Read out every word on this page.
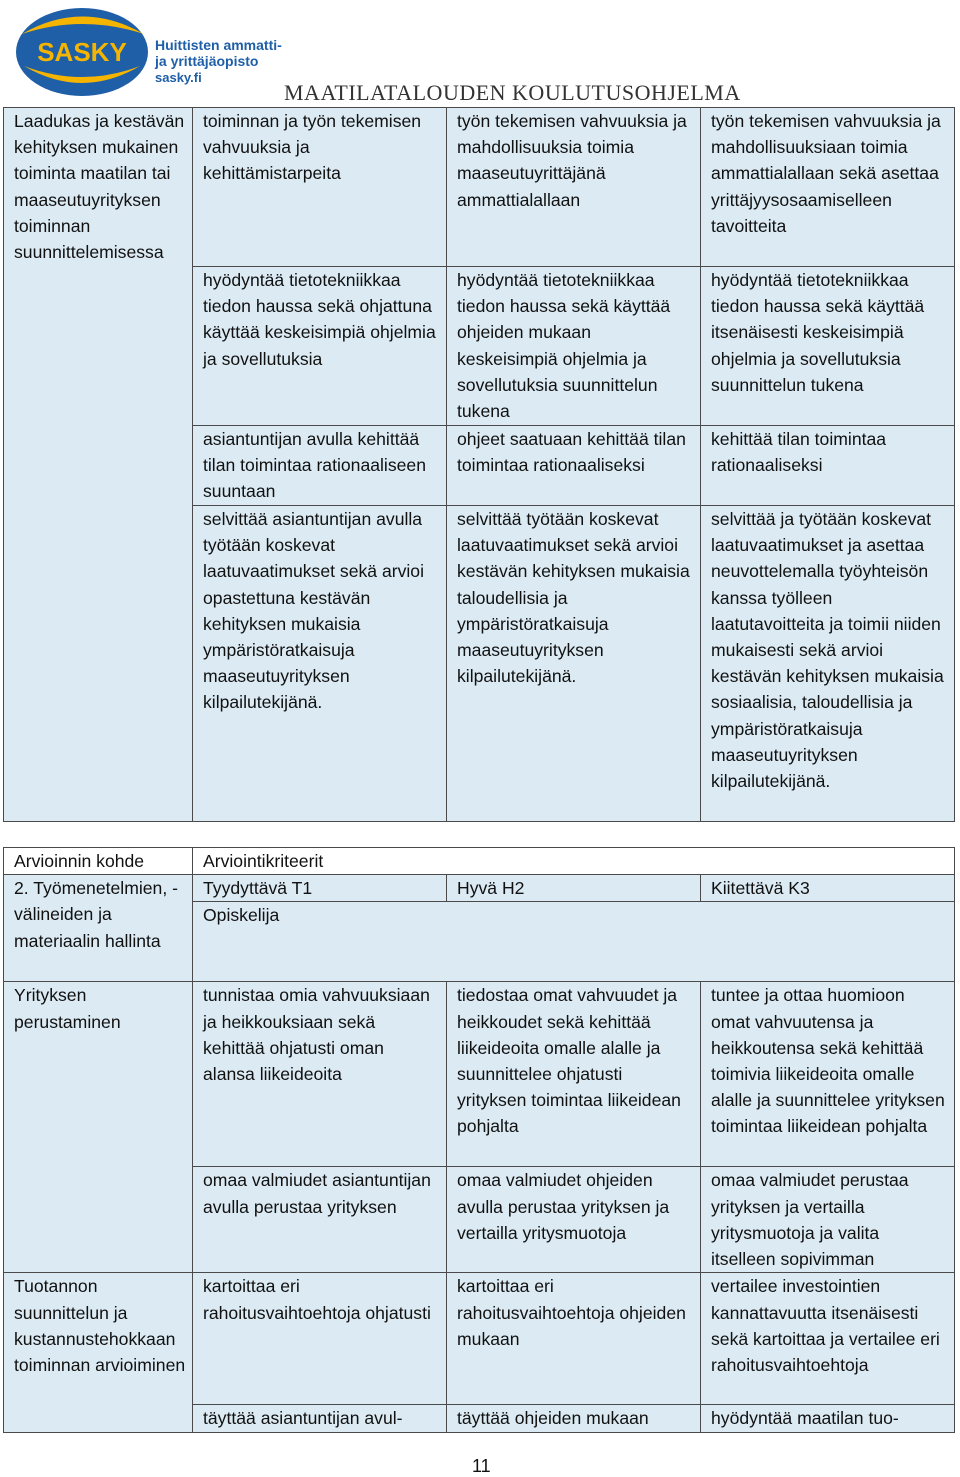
SASKY Huittisten ammatti-
ja yrittäjäopisto
sasky.fi
MAATILATALOUDEN KOULUTUSOHJELMA
Laadukas ja kestävän kehityksen mukainen toiminta maatilan tai maaseutuyrityksen toiminnan suunnittelemisessa	toiminnan ja työn tekemisen vahvuuksia ja kehittämistarpeita	työn tekemisen vahvuuksia ja mahdollisuuksia toimia maaseutuyrittäjänä ammattialallaan	työn tekemisen vahvuuksia ja mahdollisuuksiaan toimia ammattialallaan sekä asettaa yrittäjyysosaamiselleen tavoitteita
	hyödyntää tietotekniikkaa tiedon haussa sekä ohjattuna käyttää keskeisimpiä ohjelmia ja sovellutuksia	hyödyntää tietotekniikkaa tiedon haussa sekä käyttää ohjeiden mukaan keskeisimpiä ohjelmia ja sovellutuksia suunnittelun tukena	hyödyntää tietotekniikkaa tiedon haussa sekä käyttää itsenäisesti keskeisimpiä ohjelmia ja sovellutuksia suunnittelun tukena
	asiantuntijan avulla kehittää tilan toimintaa rationaaliseen suuntaan	ohjeet saatuaan kehittää tilan toimintaa rationaaliseksi	kehittää tilan toimintaa rationaaliseksi
	selvittää asiantuntijan avulla työtään koskevat laatuvaatimukset sekä arvioi opastettuna kestävän kehityksen mukaisia ympäristöratkaisuja maaseutuyrityksen kilpailutekijänä.	selvittää työtään koskevat laatuvaatimukset sekä arvioi kestävän kehityksen mukaisia taloudellisia ja ympäristöratkaisuja maaseutuyrityksen kilpailutekijänä.	selvittää ja työtään koskevat laatuvaatimukset ja asettaa neuvottelemalla työyhteisön kanssa työlleen laatutavoitteita ja toimii niiden mukaisesti sekä arvioi kestävän kehityksen mukaisia sosiaalisia, taloudellisia ja ympäristöratkaisuja maaseutuyrityksen kilpailutekijänä.
Arvioinnin kohde	Arviointikriteerit		
2. Työmenetelmien, -välineiden ja materiaalin hallinta	Tyydyttävä T1	Hyvä H2	Kiitettävä K3
	Opiskelija		
Yrityksen perustaminen	tunnistaa omia vahvuuksiaan ja heikkouksiaan sekä kehittää ohjatusti oman alansa liikeideoita	tiedostaa omat vahvuudet ja heikkoudet sekä kehittää liikeideoita omalle alalle ja suunnittelee ohjatusti yrityksen toimintaa liikeidean pohjalta	tuntee ja ottaa huomioon omat vahvuutensa ja heikkoutensa sekä kehittää toimivia liikeideoita omalle alalle ja suunnittelee yrityksen toimintaa liikeidean pohjalta
	omaa valmiudet asiantuntijan avulla perustaa yrityksen	omaa valmiudet ohjeiden avulla perustaa yrityksen ja vertailla yritysmuotoja	omaa valmiudet perustaa yrityksen ja vertailla yritysmuotoja ja valita itselleen sopivimman
Tuotannon suunnittelun ja kustannustehokkaan toiminnan arvioiminen	kartoittaa eri rahoitusvaihtoehtoja ohjatusti	kartoittaa eri rahoitusvaihtoehtoja ohjeiden mukaan	vertailee investointien kannattavuutta itsenäisesti sekä kartoittaa ja vertailee eri rahoitusvaihtoehtoja
	täyttää asiantuntijan avul-	täyttää ohjeiden mukaan	hyödyntää maatilan tuo-
11
